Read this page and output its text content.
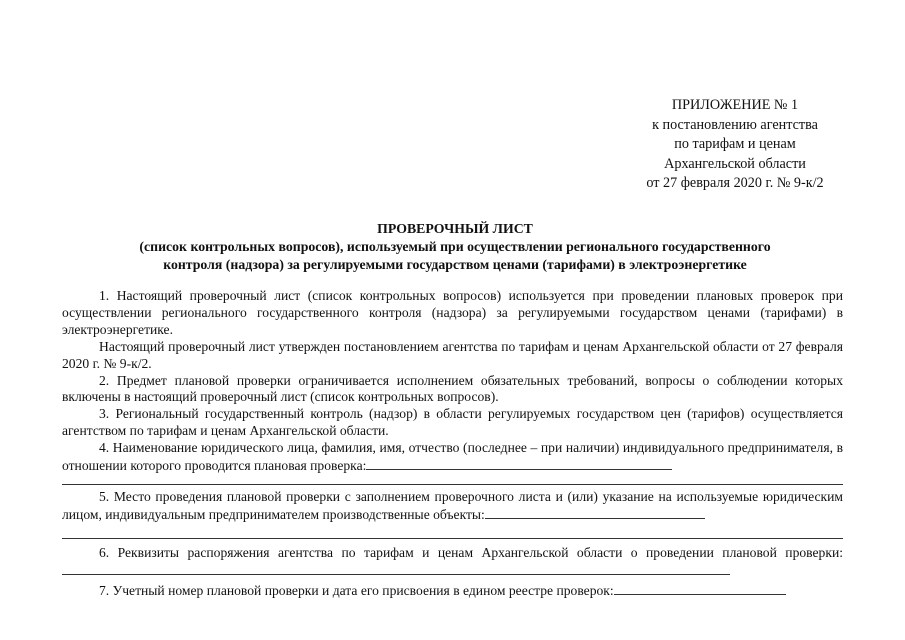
ПРИЛОЖЕНИЕ № 1
к постановлению агентства
по тарифам и ценам
Архангельской области
от 27 февраля 2020 г. № 9-к/2
ПРОВЕРОЧНЫЙ ЛИСТ
(список контрольных вопросов), используемый при осуществлении регионального государственного
контроля (надзора) за регулируемыми государством ценами (тарифами) в электроэнергетике
1. Настоящий проверочный лист (список контрольных вопросов) используется при проведении плановых проверок при осуществлении регионального государственного контроля (надзора) за регулируемыми государством ценами (тарифами) в электроэнергетике.
Настоящий проверочный лист утвержден постановлением агентства по тарифам и ценам Архангельской области от 27 февраля 2020 г. № 9-к/2.
2. Предмет плановой проверки ограничивается исполнением обязательных требований, вопросы о соблюдении которых включены в настоящий проверочный лист (список контрольных вопросов).
3. Региональный государственный контроль (надзор) в области регулируемых государством цен (тарифов) осуществляется агентством по тарифам и ценам Архангельской области.
4. Наименование юридического лица, фамилия, имя, отчество (последнее – при наличии) индивидуального предпринимателя, в отношении которого проводится плановая проверка:
5. Место проведения плановой проверки с заполнением проверочного листа и (или) указание на используемые юридическим лицом, индивидуальным предпринимателем производственные объекты:
6. Реквизиты распоряжения агентства по тарифам и ценам Архангельской области о проведении плановой проверки:
7. Учетный номер плановой проверки и дата его присвоения в едином реестре проверок:
